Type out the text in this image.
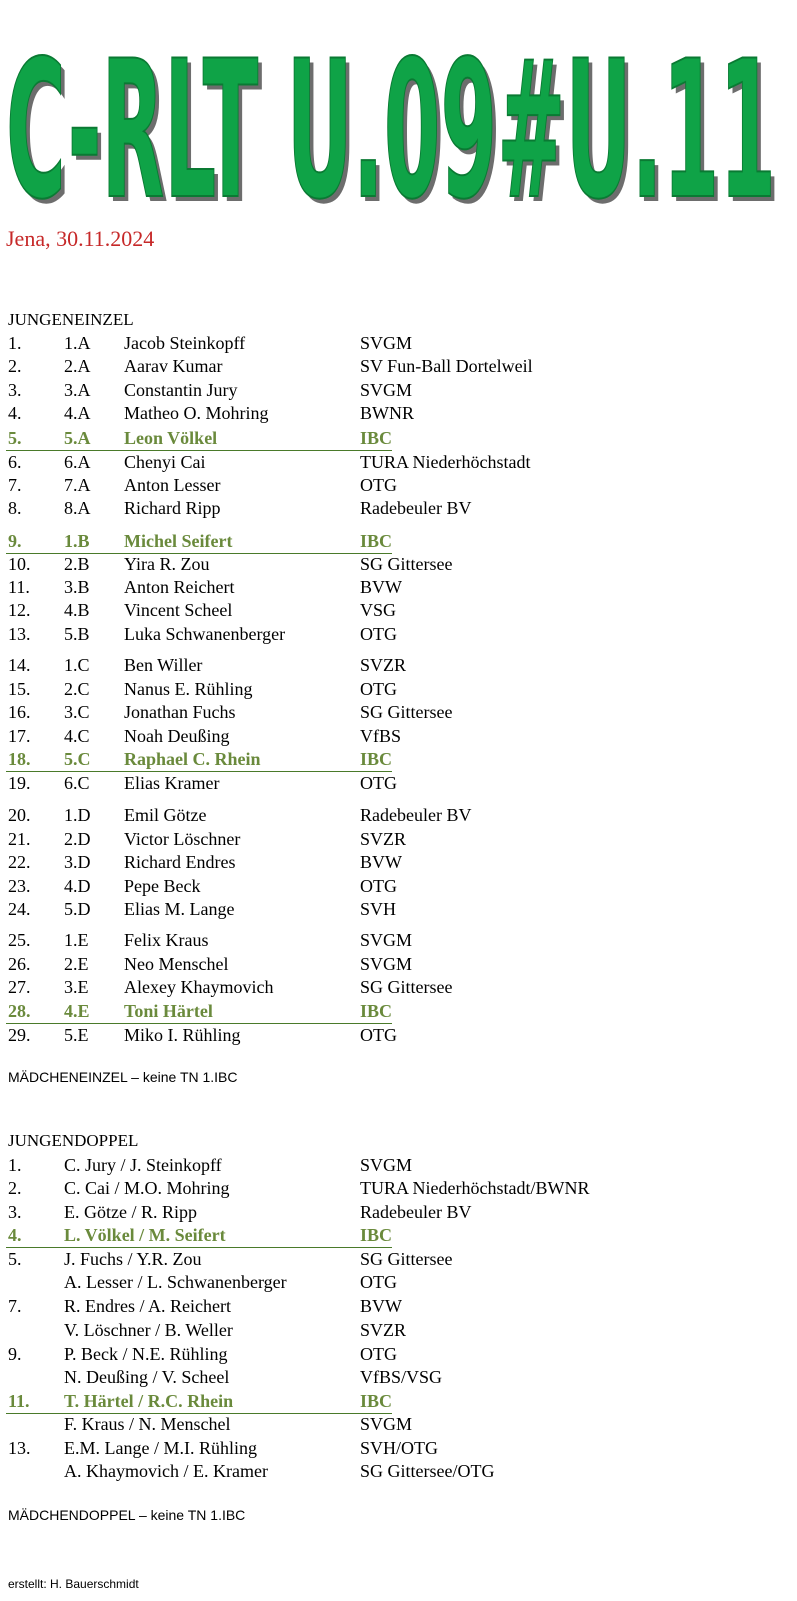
C-RLT U.09#U.11
C-RLT U.09#U.11
Jena, 30.11.2024
JUNGENEINZEL
1. 1.A Jacob Steinkopff	SVGM
2. 2.A Aarav Kumar	SV Fun-Ball Dortelweil
3. 3.A Constantin Jury	SVGM
4. 4.A Matheo O. Mohring	BWNR
5. 5.A Leon Völkel	IBC
6. 6.A Chenyi Cai	TURA Niederhöchstadt
7. 7.A Anton Lesser	OTG
8. 8.A Richard Ripp	Radebeuler BV
9. 1.B Michel Seifert	IBC
10. 2.B Yira R. Zou	SG Gittersee
11. 3.B Anton Reichert	BVW
12. 4.B Vincent Scheel	VSG
13. 5.B Luka Schwanenberger	OTG
14. 1.C Ben Willer	SVZR
15. 2.C Nanus E. Rühling	OTG
16. 3.C Jonathan Fuchs	SG Gittersee
17. 4.C Noah Deußing	VfBS
18. 5.C Raphael C. Rhein	IBC
19. 6.C Elias Kramer	OTG
20. 1.D Emil Götze	Radebeuler BV
21. 2.D Victor Löschner	SVZR
22. 3.D Richard Endres	BVW
23. 4.D Pepe Beck	OTG
24. 5.D Elias M. Lange	SVH
25. 1.E Felix Kraus	SVGM
26. 2.E Neo Menschel	SVGM
27. 3.E Alexey Khaymovich	SG Gittersee
28. 4.E Toni Härtel	IBC
29. 5.E Miko I. Rühling	OTG
MÄDCHENEINZEL – keine TN 1.IBC
JUNGENDOPPEL
1. C. Jury / J. Steinkopff	SVGM
2. C. Cai / M.O. Mohring	TURA Niederhöchstadt/BWNR
3. E. Götze / R. Ripp	Radebeuler BV
4. L. Völkel / M. Seifert	IBC
5. J. Fuchs / Y.R. Zou	SG Gittersee
A. Lesser / L. Schwanenberger	OTG
7. R. Endres / A. Reichert	BVW
V. Löschner / B. Weller	SVZR
9. P. Beck / N.E. Rühling	OTG
N. Deußing / V. Scheel	VfBS/VSG
11. T. Härtel / R.C. Rhein	IBC
F. Kraus / N. Menschel	SVGM
13. E.M. Lange / M.I. Rühling	SVH/OTG
A. Khaymovich / E. Kramer	SG Gittersee/OTG
MÄDCHENDOPPEL – keine TN 1.IBC
erstellt: H. Bauerschmidt
